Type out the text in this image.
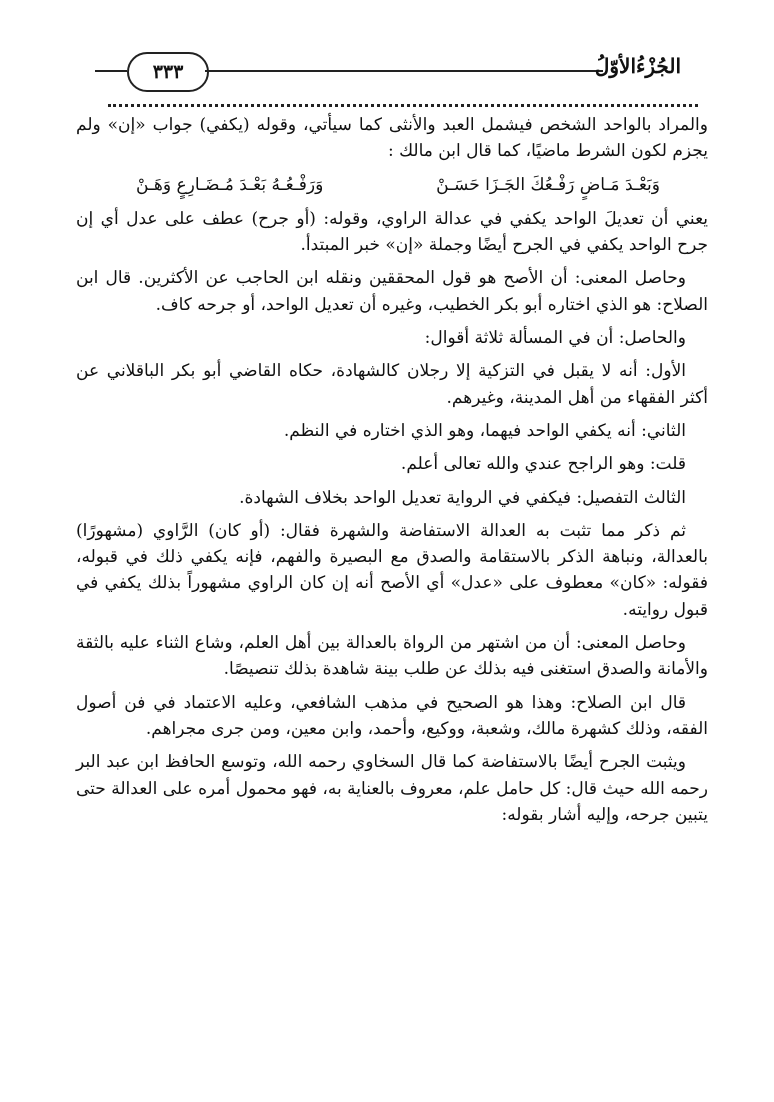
٣٣٣	الجُزْءُالأوّلُ

والمراد بالواحد الشخص فيشمل العبد والأنثى كما سيأتي، وقوله (يكفي) جواب «إن» ولم يجزم لكون الشرط ماضيًا، كما قال ابن مالك :

وَبَعْـدَ مَـاضٍ رَفْـعُكَ الجَـزَا حَسَـنْ
وَرَفْـعُـهُ بَعْـدَ مُـضَـارِعٍ وَهَـنْ

يعني أن تعديلَ الواحد يكفي في عدالة الراوي، وقوله: (أو جرح) عطف على عدل أي إن جرح الواحد يكفي في الجرح أيضًا وجملة «إن» خبر المبتدأ.

وحاصل المعنى: أن الأصح هو قول المحققين ونقله ابن الحاجب عن الأكثرين. قال ابن الصلاح: هو الذي اختاره أبو بكر الخطيب، وغيره أن تعديل الواحد، أو جرحه كاف.

والحاصل: أن في المسألة ثلاثة أقوال:

الأول: أنه لا يقبل في التزكية إلا رجلان كالشهادة، حكاه القاضي أبو بكر الباقلاني عن أكثر الفقهاء من أهل المدينة، وغيرهم.

الثاني: أنه يكفي الواحد فيهما، وهو الذي اختاره في النظم.

قلت: وهو الراجح عندي والله تعالى أعلم.

الثالث التفصيل: فيكفي في الرواية تعديل الواحد بخلاف الشهادة.

ثم ذكر مما تثبت به العدالة الاستفاضة والشهرة فقال: (أو كان) الرَّاوي (مشهورًا) بالعدالة، ونباهة الذكر بالاستقامة والصدق مع البصيرة والفهم، فإنه يكفي ذلك في قبوله، فقوله: «كان» معطوف على «عدل» أي الأصح أنه إن كان الراوي مشهوراً بذلك يكفي في قبول روايته.

وحاصل المعنى: أن من اشتهر من الرواة بالعدالة بين أهل العلم، وشاع الثناء عليه بالثقة والأمانة والصدق استغنى فيه بذلك عن طلب بينة شاهدة بذلك تنصيصًا.

قال ابن الصلاح: وهذا هو الصحيح في مذهب الشافعي، وعليه الاعتماد في فن أصول الفقه، وذلك كشهرة مالك، وشعبة، ووكيع، وأحمد، وابن معين، ومن جرى مجراهم.

ويثبت الجرح أيضًا بالاستفاضة كما قال السخاوي رحمه الله، وتوسع الحافظ ابن عبد البر رحمه الله حيث قال: كل حامل علم، معروف بالعناية به، فهو محمول أمره على العدالة حتى يتبين جرحه، وإليه أشار بقوله:
